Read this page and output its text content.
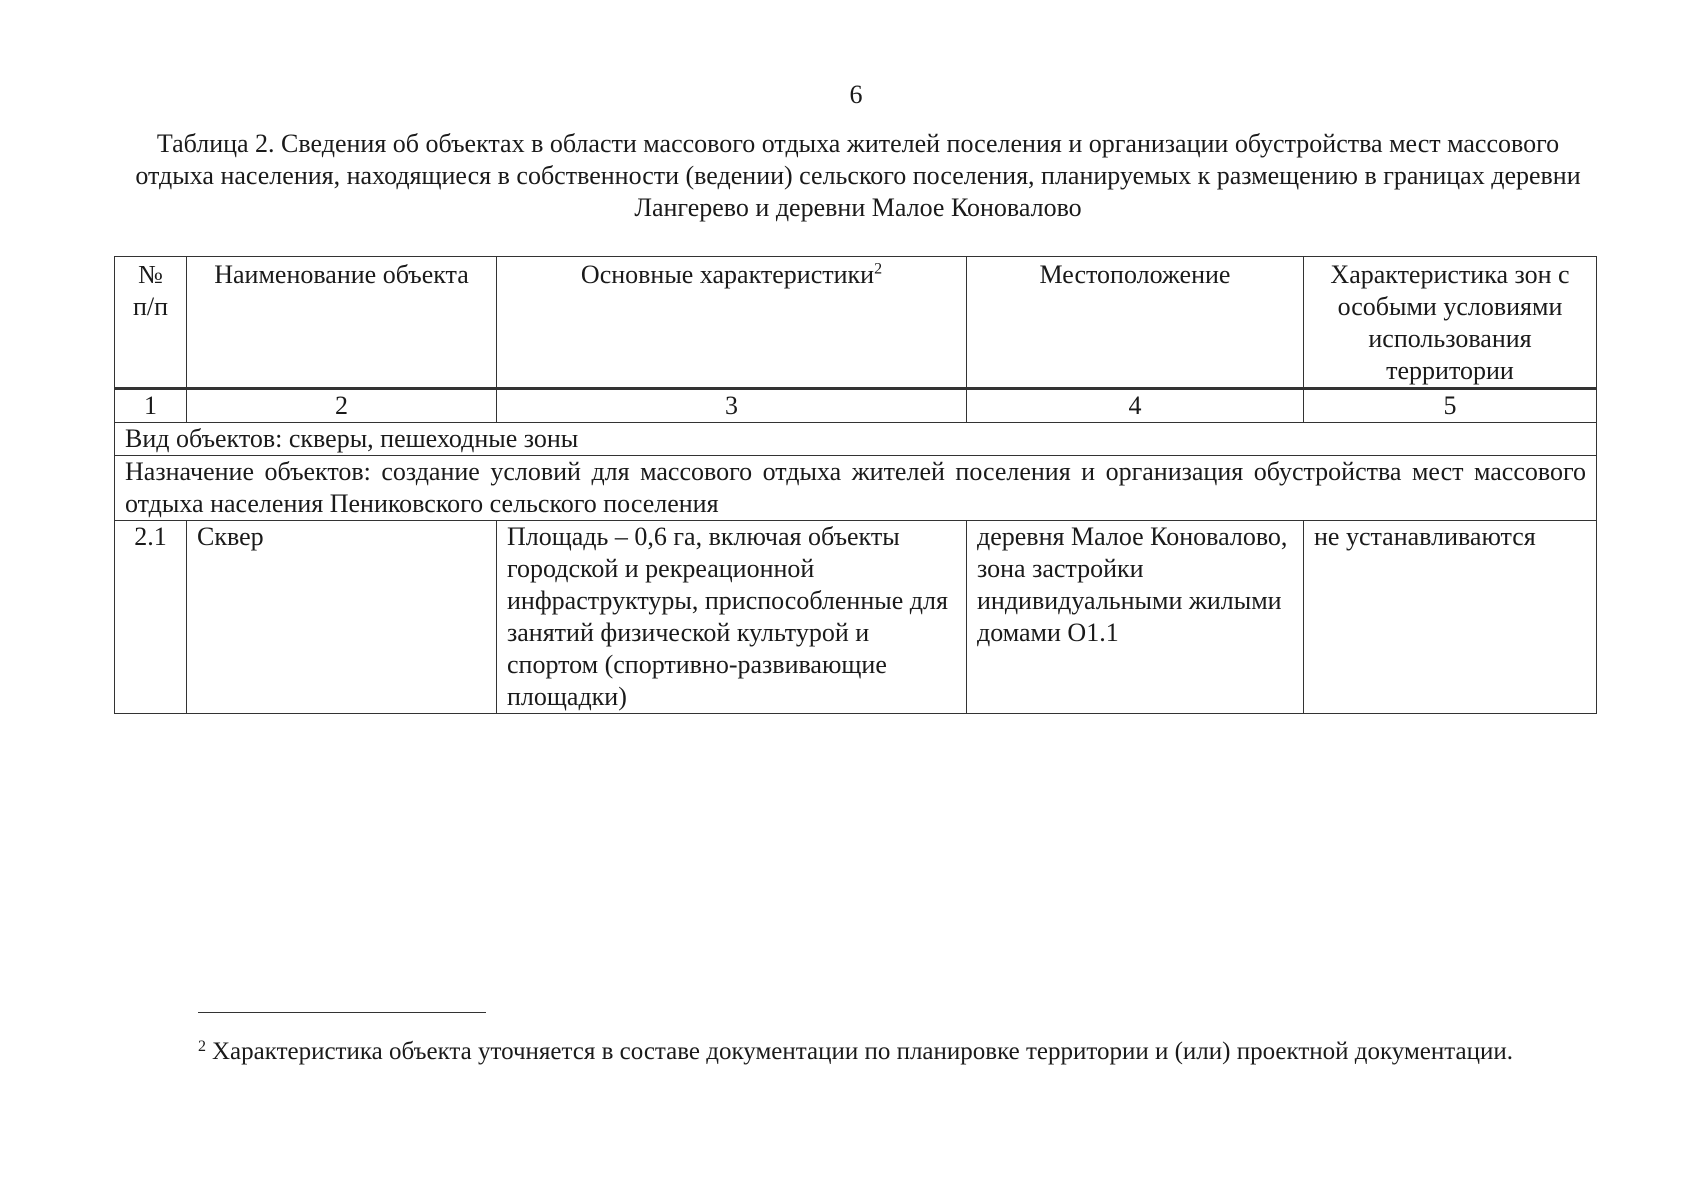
6
Таблица 2. Сведения об объектах в области массового отдыха жителей поселения и организации обустройства мест массового отдыха населения, находящиеся в собственности (ведении) сельского поселения, планируемых к размещению в границах деревни Лангерево и деревни Малое Коновалово
№ п/п	Наименование объекта	Основные характеристики$^2$	Местоположение	Характеристика зон с особыми условиями использования территории
1	2	3	4	5
Вид объектов: скверы, пешеходные зоны				
Назначение объектов: создание условий для массового отдыха жителей поселения и организация обустройства мест массового отдыха населения Пениковского сельского поселения				
2.1	Сквер	Площадь – 0,6 га, включая объекты городской и рекреационной инфраструктуры, приспособленные для занятий физической культурой и спортом (спортивно-развивающие площадки)	деревня Малое Коновалово, зона застройки индивидуальными жилыми домами О1.1	не устанавливаются
$^2$ Характеристика объекта уточняется в составе документации по планировке территории и (или) проектной документации.
